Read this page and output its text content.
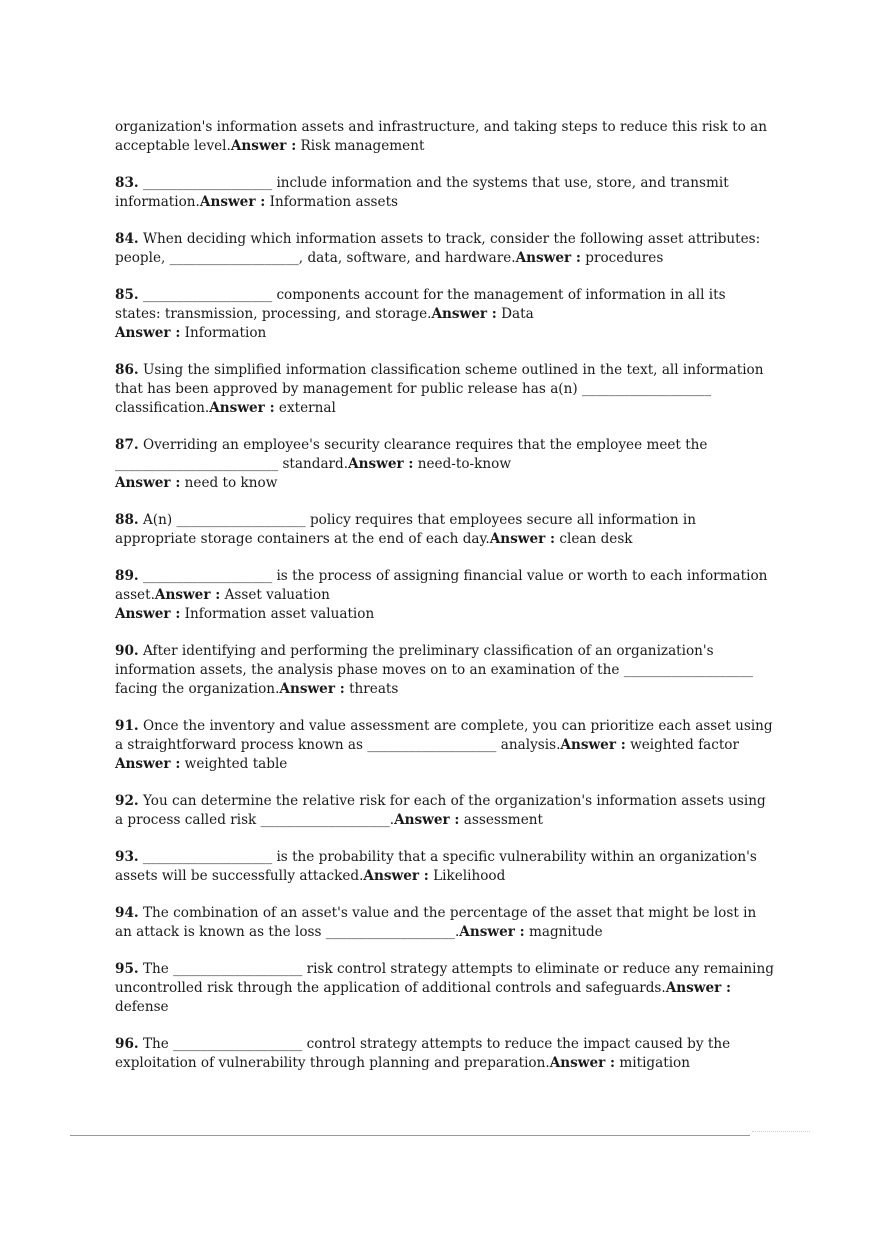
organization's information assets and infrastructure, and taking steps to reduce this risk to an acceptable level.Answer : Risk management

83. ___________________ include information and the systems that use, store, and transmit information.Answer : Information assets

84. When deciding which information assets to track, consider the following asset attributes: people, ___________________, data, software, and hardware.Answer : procedures

85. ___________________ components account for the management of information in all its states: transmission, processing, and storage.Answer : Data

Answer : Information

86. Using the simplified information classification scheme outlined in the text, all information that has been approved by management for public release has a(n) ___________________ classification.Answer : external

87. Overriding an employee's security clearance requires that the employee meet the ________________________ standard.Answer : need-to-know

Answer : need to know

88. A(n) ___________________ policy requires that employees secure all information in appropriate storage containers at the end of each day.Answer : clean desk

89. ___________________ is the process of assigning financial value or worth to each information asset.Answer : Asset valuation

Answer : Information asset valuation

90. After identifying and performing the preliminary classification of an organization's information assets, the analysis phase moves on to an examination of the ___________________ facing the organization.Answer : threats

91. Once the inventory and value assessment are complete, you can prioritize each asset using a straightforward process known as ___________________ analysis.Answer : weighted factor

Answer : weighted table

92. You can determine the relative risk for each of the organization's information assets using a process called risk ___________________.Answer : assessment

93. ___________________ is the probability that a specific vulnerability within an organization's assets will be successfully attacked.Answer : Likelihood

94. The combination of an asset's value and the percentage of the asset that might be lost in an attack is known as the loss ___________________.Answer : magnitude

95. The ___________________ risk control strategy attempts to eliminate or reduce any remaining uncontrolled risk through the application of additional controls and safeguards.Answer : defense

96. The ___________________ control strategy attempts to reduce the impact caused by the exploitation of vulnerability through planning and preparation.Answer : mitigation
